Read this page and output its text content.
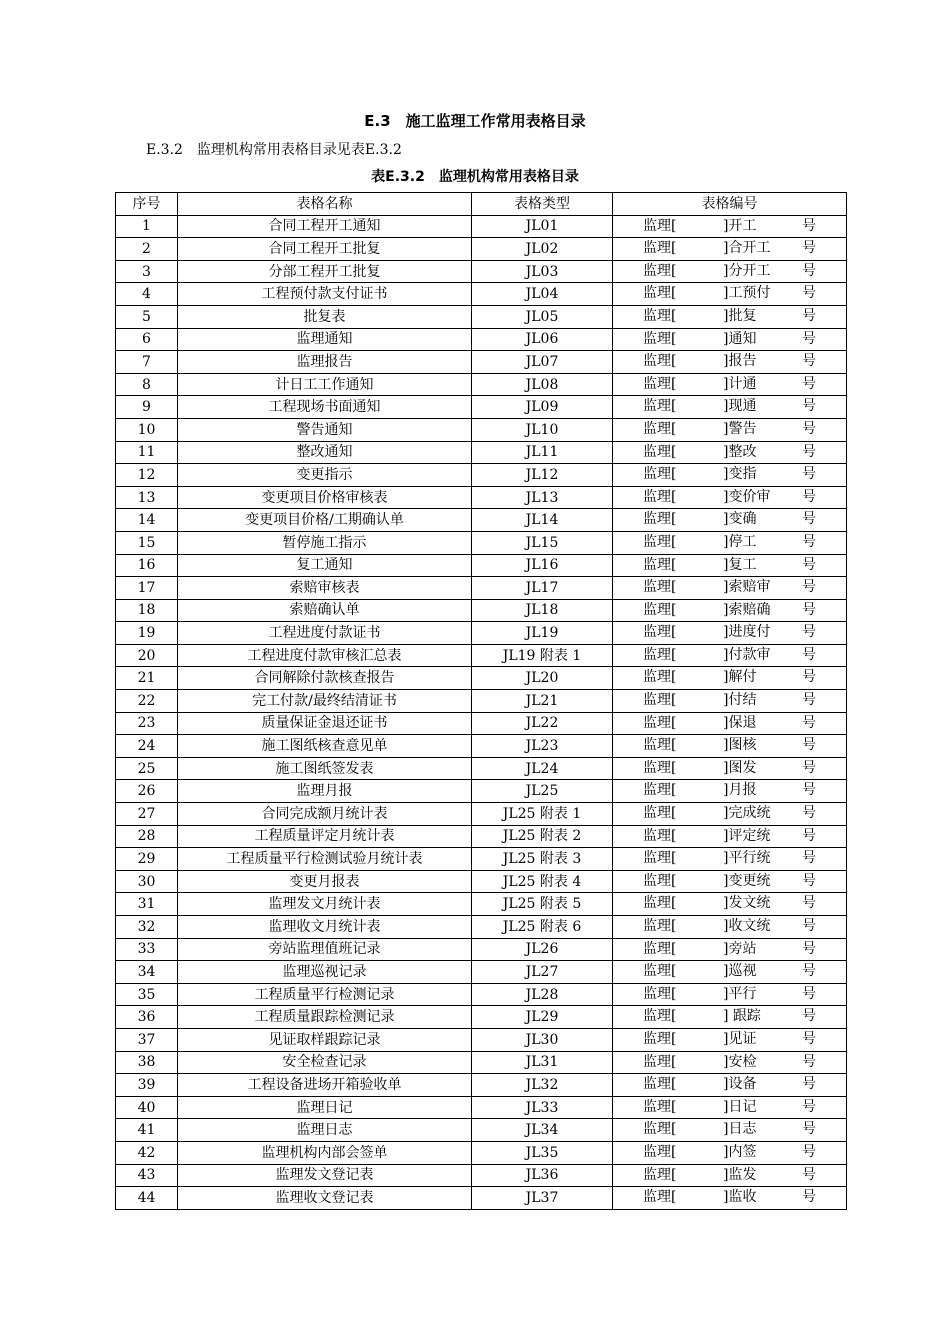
E.3　施工监理工作常用表格目录
E.3.2　监理机构常用表格目录见表E.3.2
表E.3.2　监理机构常用表格目录
序号	表格名称	表格类型	表格编号
1	合同工程开工通知	JL01	监理[ ]开工 号

2	合同工程开工批复	JL02	监理[ ]合开工 号

3	分部工程开工批复	JL03	监理[ ]分开工 号

4	工程预付款支付证书	JL04	监理[ ]工预付 号

5	批复表	JL05	监理[ ]批复 号

6	监理通知	JL06	监理[ ]通知 号

7	监理报告	JL07	监理[ ]报告 号

8	计日工工作通知	JL08	监理[ ]计通 号

9	工程现场书面通知	JL09	监理[ ]现通 号

10	警告通知	JL10	监理[ ]警告 号

11	整改通知	JL11	监理[ ]整改 号

12	变更指示	JL12	监理[ ]变指 号

13	变更项目价格审核表	JL13	监理[ ]变价审 号

14	变更项目价格/工期确认单	JL14	监理[ ]变确 号

15	暂停施工指示	JL15	监理[ ]停工 号

16	复工通知	JL16	监理[ ]复工 号

17	索赔审核表	JL17	监理[ ]索赔审 号

18	索赔确认单	JL18	监理[ ]索赔确 号

19	工程进度付款证书	JL19	监理[ ]进度付 号

20	工程进度付款审核汇总表	JL19 附表 1	监理[ ]付款审 号

21	合同解除付款核查报告	JL20	监理[ ]解付 号

22	完工付款/最终结清证书	JL21	监理[ ]付结 号

23	质量保证金退还证书	JL22	监理[ ]保退 号

24	施工图纸核查意见单	JL23	监理[ ]图核 号

25	施工图纸签发表	JL24	监理[ ]图发 号

26	监理月报	JL25	监理[ ]月报 号

27	合同完成额月统计表	JL25 附表 1	监理[ ]完成统 号

28	工程质量评定月统计表	JL25 附表 2	监理[ ]评定统 号

29	工程质量平行检测试验月统计表	JL25 附表 3	监理[ ]平行统 号

30	变更月报表	JL25 附表 4	监理[ ]变更统 号

31	监理发文月统计表	JL25 附表 5	监理[ ]发文统 号

32	监理收文月统计表	JL25 附表 6	监理[ ]收文统 号

33	旁站监理值班记录	JL26	监理[ ]旁站 号

34	监理巡视记录	JL27	监理[ ]巡视 号

35	工程质量平行检测记录	JL28	监理[ ]平行 号

36	工程质量跟踪检测记录	JL29	监理[ ] 跟踪 号

37	见证取样跟踪记录	JL30	监理[ ]见证 号

38	安全检查记录	JL31	监理[ ]安检 号

39	工程设备进场开箱验收单	JL32	监理[ ]设备 号

40	监理日记	JL33	监理[ ]日记 号

41	监理日志	JL34	监理[ ]日志 号

42	监理机构内部会签单	JL35	监理[ ]内签 号

43	监理发文登记表	JL36	监理[ ]监发 号

44	监理收文登记表	JL37	监理[ ]监收 号
